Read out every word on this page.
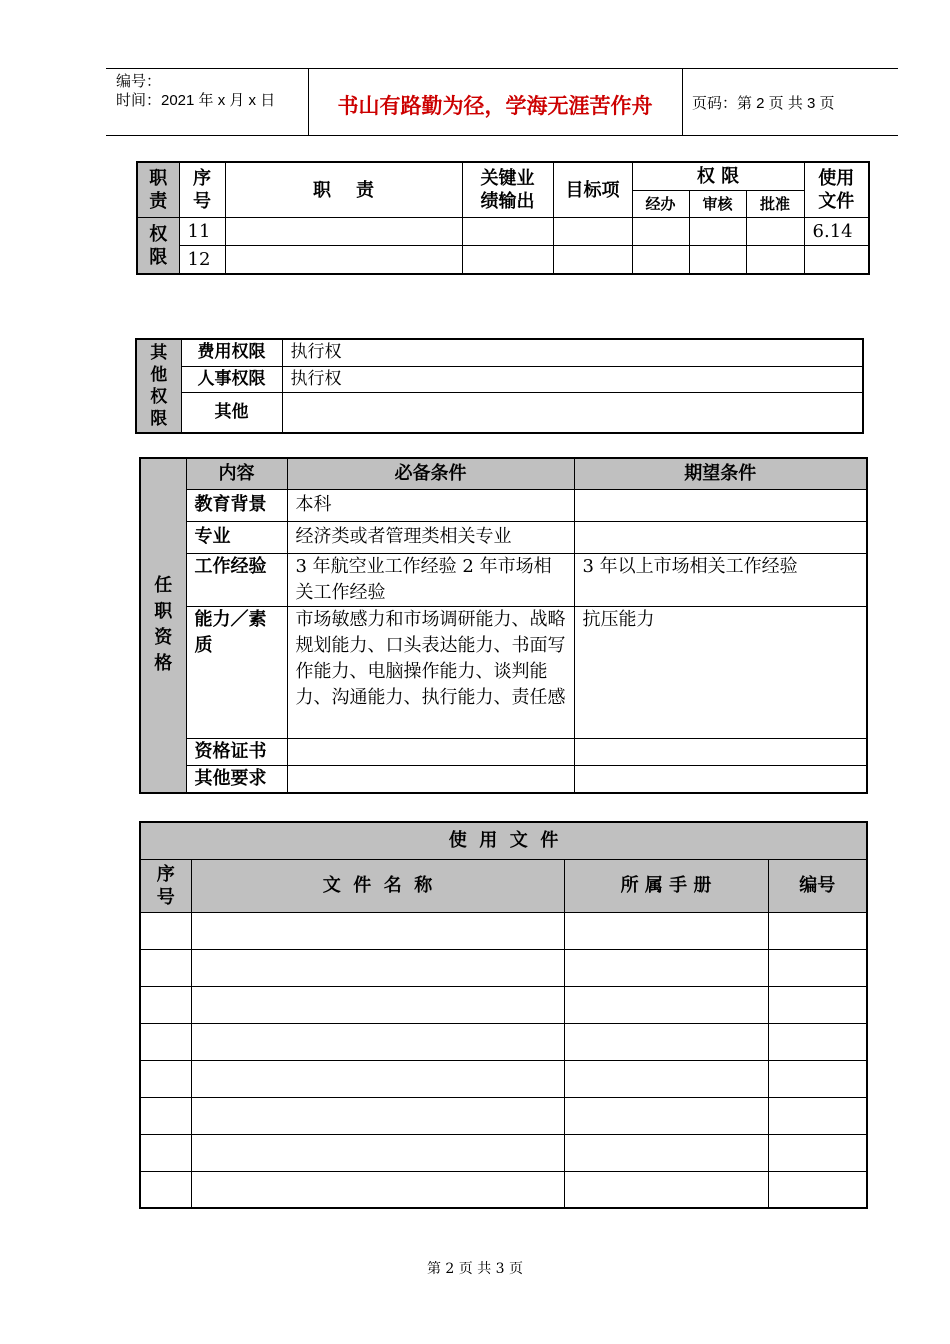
编号：
时间：2021 年 x 月 x 日	书山有路勤为径，学海无涯苦作舟	页码：第 2 页 共 3 页
职
责	序
号	职    责	关键业
绩输出	目标项	权 限			使用
文件

					经办	审核	批准	

权
限	11							6.14
	12							
其
他
权
限	费用权限	执行权
	人事权限	执行权
	其他	
任
职
资
格	内容	必备条件	期望条件
	教育背景	本科	
	专业	经济类或者管理类相关专业	
	工作经验	3 年航空业工作经验 2 年市场相关工作经验	3 年以上市场相关工作经验
	能力／素质	市场敏感力和市场调研能力、战略规划能力、口头表达能力、书面写作能力、电脑操作能力、谈判能力、沟通能力、执行能力、责任感	抗压能力
	资格证书		
	其他要求		
使  用  文  件			

序
号	文  件  名  称	所 属 手 册	编号

第 2 页 共 3 页
